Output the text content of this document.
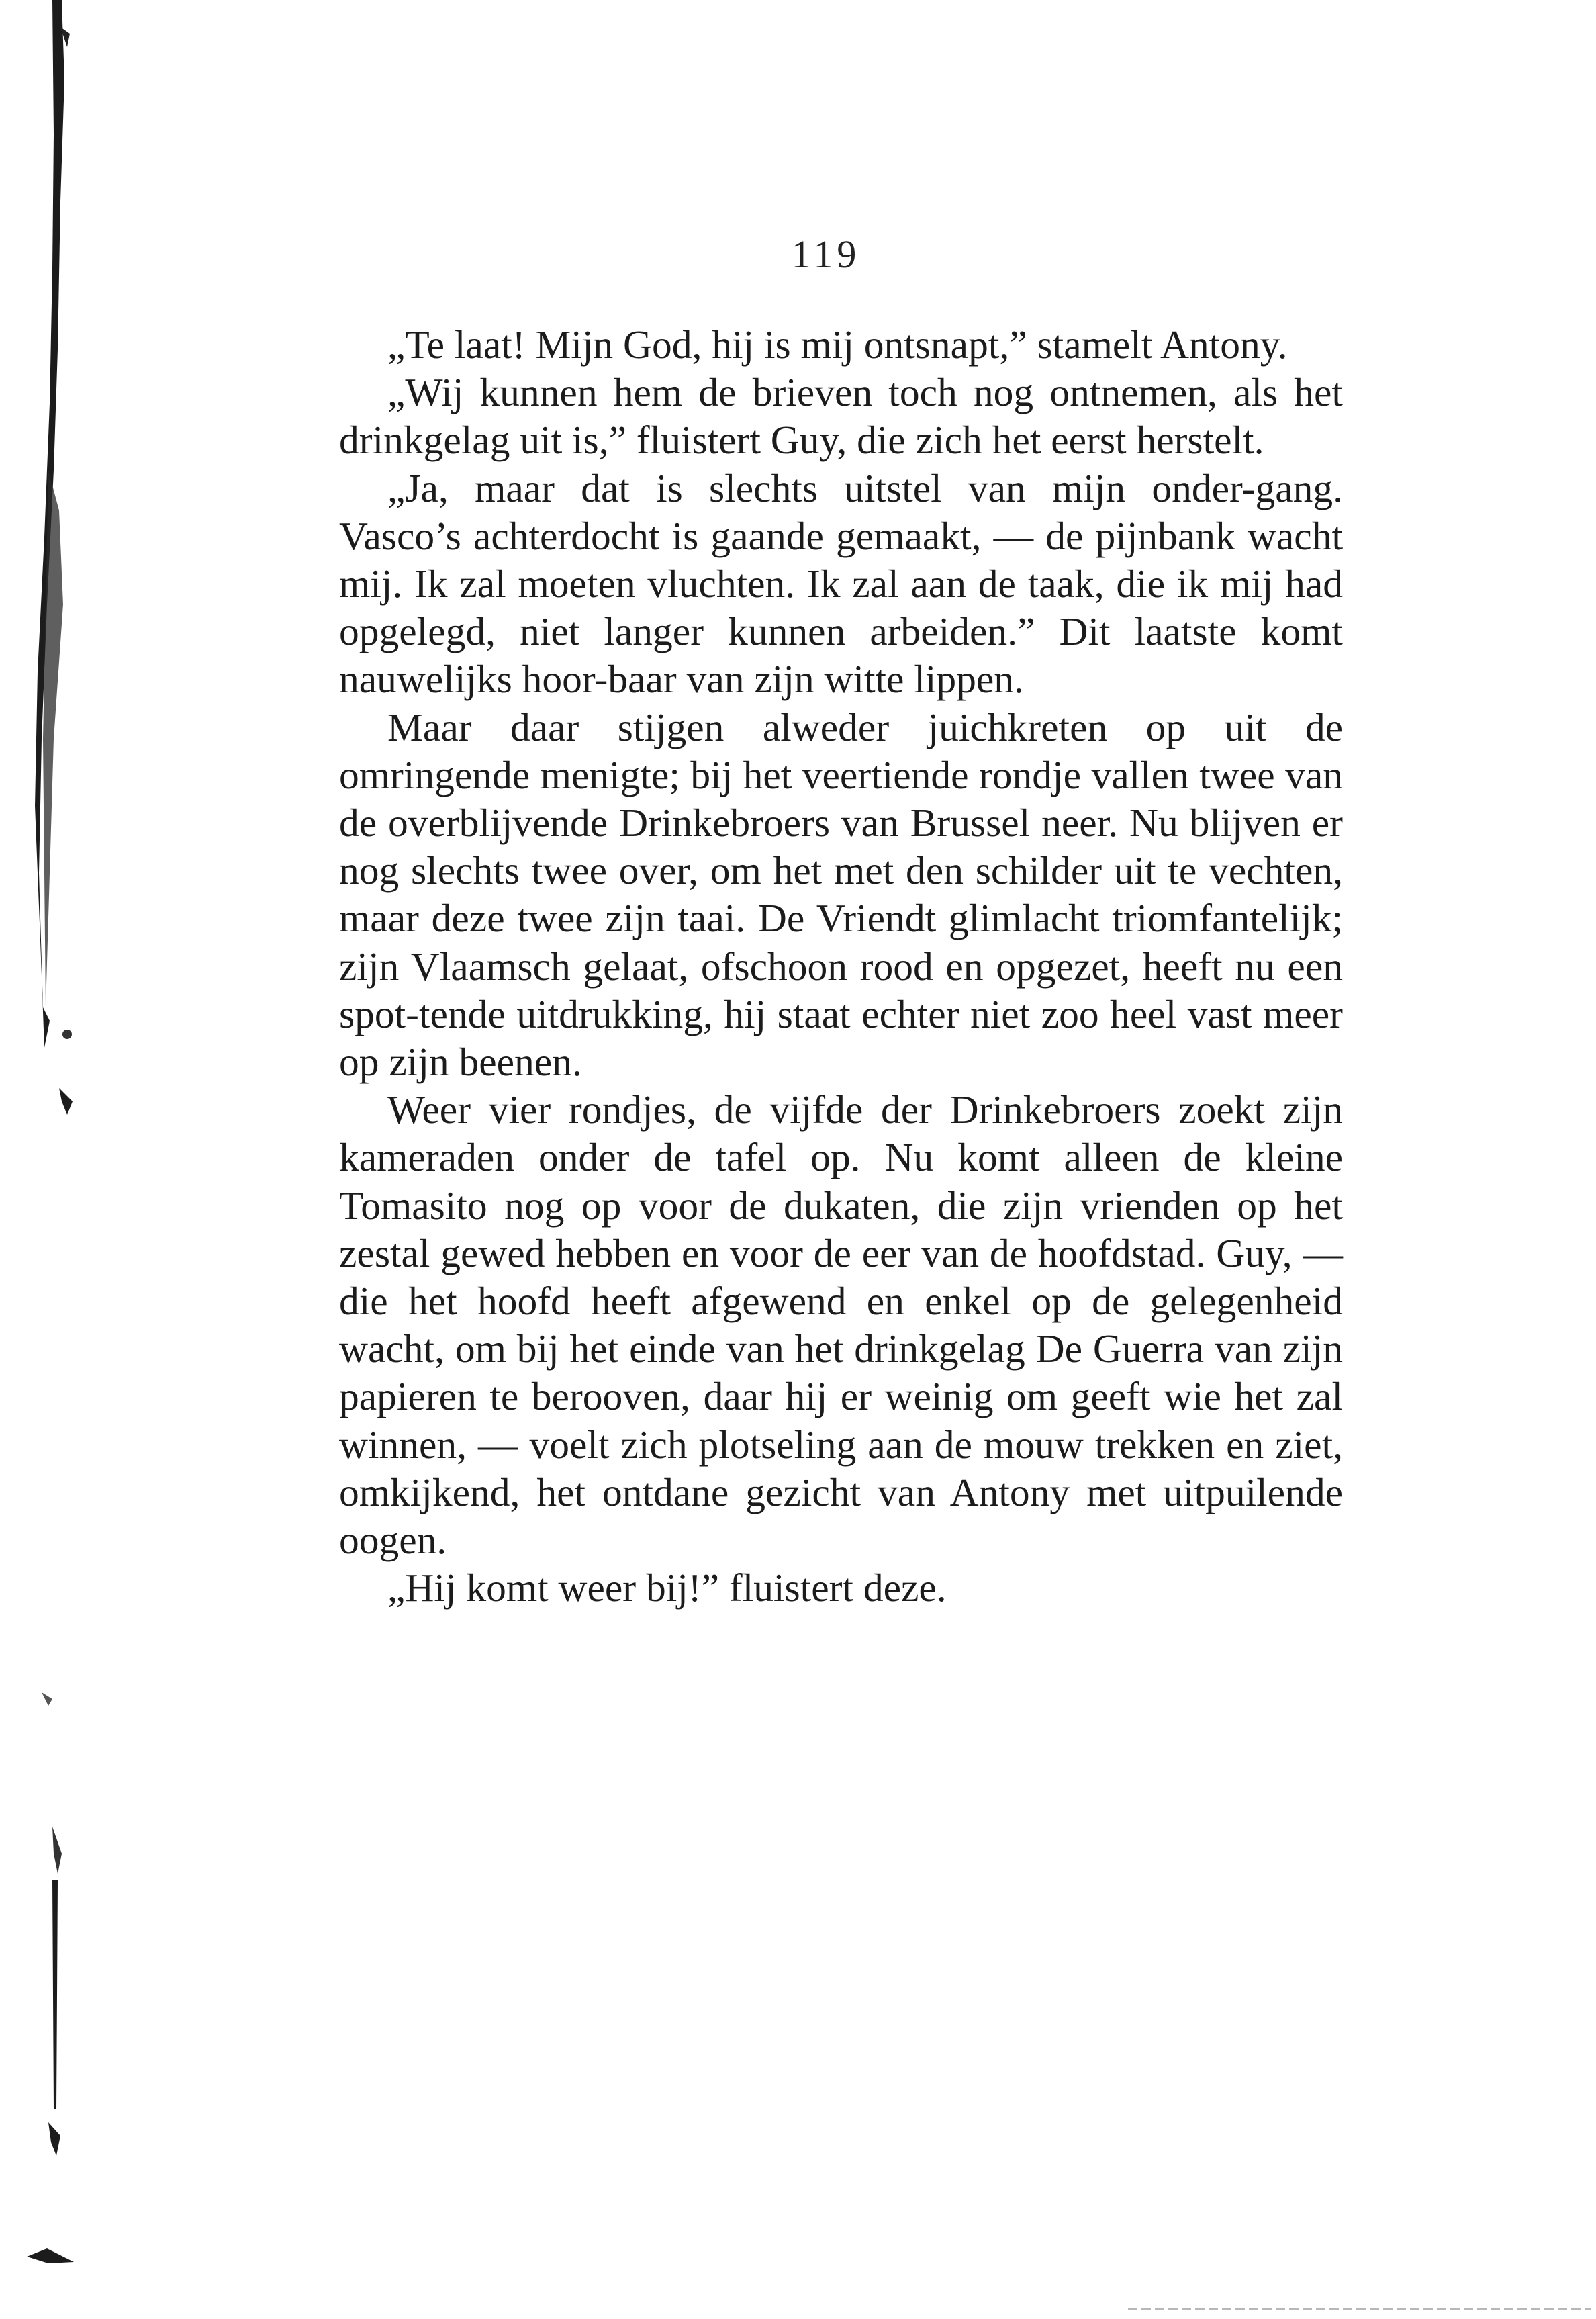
119

„Te laat! Mijn God, hij is mij ontsnapt,” stamelt Antony.

„Wij kunnen hem de brieven toch nog ontnemen, als het drinkgelag uit is,” fluistert Guy, die zich het eerst herstelt.

„Ja, maar dat is slechts uitstel van mijn onder-gang. Vasco’s achterdocht is gaande gemaakt, — de pijnbank wacht mij. Ik zal moeten vluchten. Ik zal aan de taak, die ik mij had opgelegd, niet langer kunnen arbeiden.” Dit laatste komt nauwelijks hoor-baar van zijn witte lippen.

Maar daar stijgen alweder juichkreten op uit de omringende menigte; bij het veertiende rondje vallen twee van de overblijvende Drinkebroers van Brussel neer. Nu blijven er nog slechts twee over, om het met den schilder uit te vechten, maar deze twee zijn taai. De Vriendt glimlacht triomfantelijk; zijn Vlaamsch gelaat, ofschoon rood en opgezet, heeft nu een spot-tende uitdrukking, hij staat echter niet zoo heel vast meer op zijn beenen.

Weer vier rondjes, de vijfde der Drinkebroers zoekt zijn kameraden onder de tafel op. Nu komt alleen de kleine Tomasito nog op voor de dukaten, die zijn vrienden op het zestal gewed hebben en voor de eer van de hoofdstad. Guy, — die het hoofd heeft afgewend en enkel op de gelegenheid wacht, om bij het einde van het drinkgelag De Guerra van zijn papieren te berooven, daar hij er weinig om geeft wie het zal winnen, — voelt zich plotseling aan de mouw trekken en ziet, omkijkend, het ontdane gezicht van Antony met uitpuilende oogen.

„Hij komt weer bij!” fluistert deze.
